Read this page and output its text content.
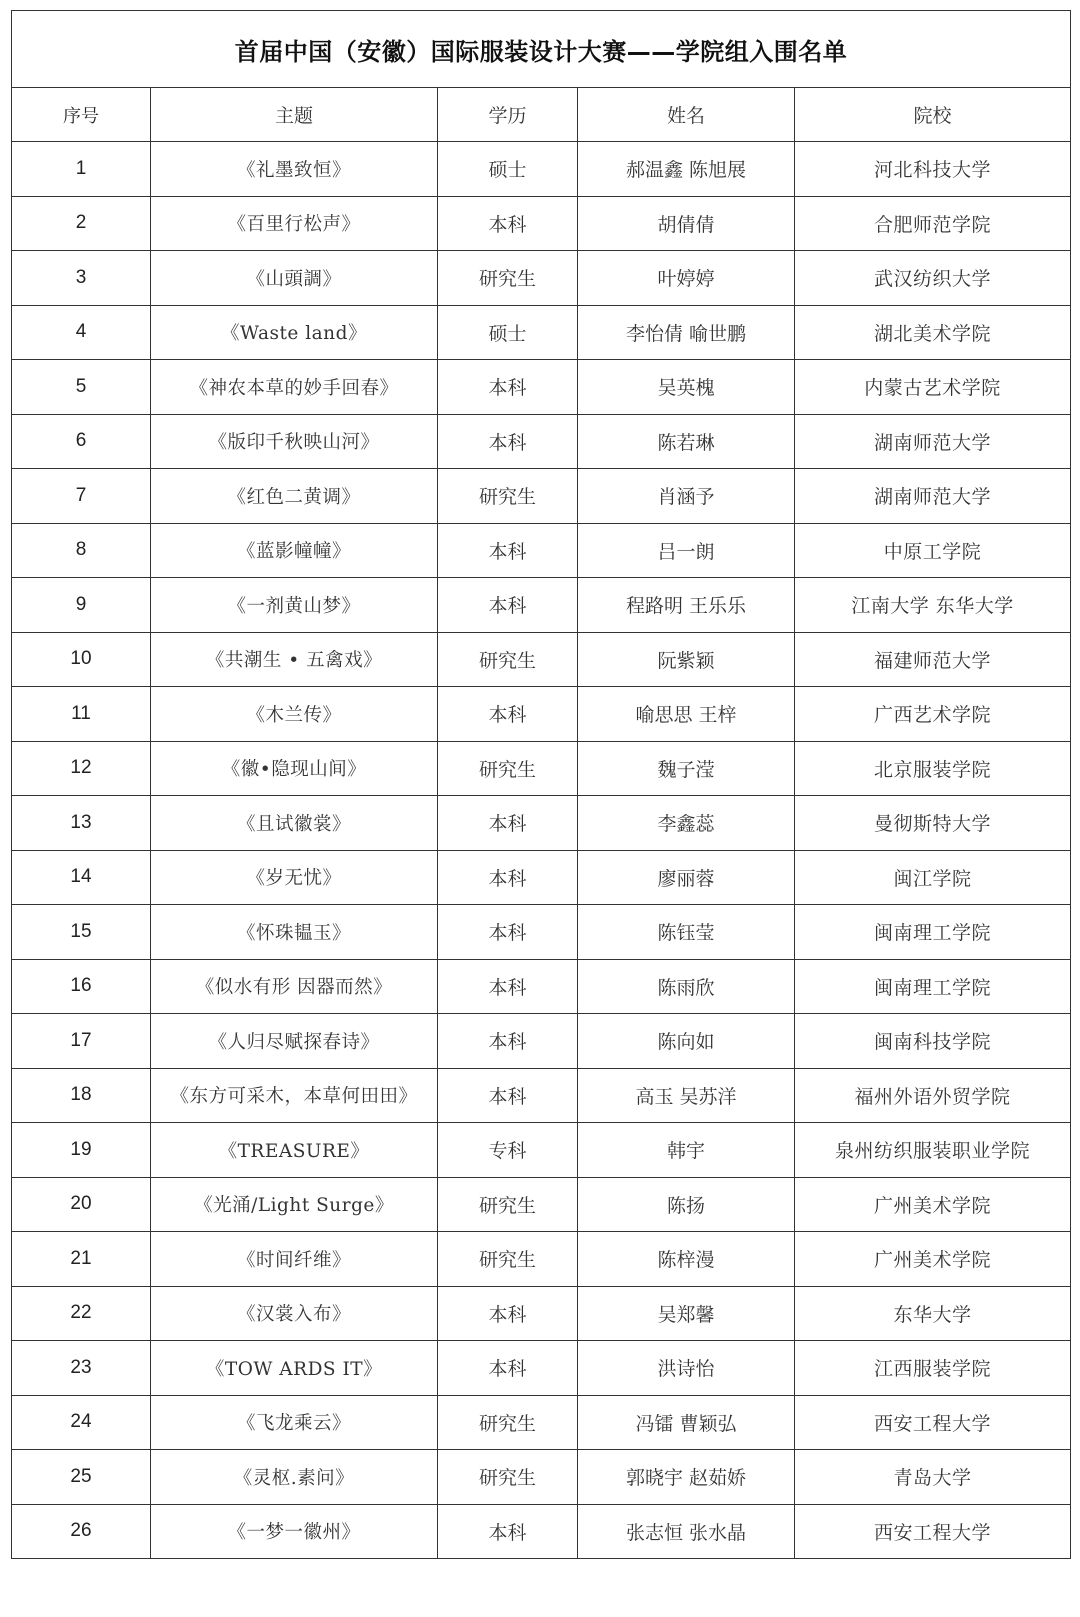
首届中国（安徽）国际服装设计大赛——学院组入围名单				
序号	主题	学历	姓名	院校
1	《礼墨致恒》	硕士	郝温鑫 陈旭展	河北科技大学
2	《百里行松声》	本科	胡倩倩	合肥师范学院
3	《山頭調》	研究生	叶婷婷	武汉纺织大学
4	《Waste land》	硕士	李怡倩 喻世鹏	湖北美术学院
5	《神农本草的妙手回春》	本科	吴英槐	内蒙古艺术学院
6	《版印千秋映山河》	本科	陈若琳	湖南师范大学
7	《红色二黄调》	研究生	肖涵予	湖南师范大学
8	《蓝影幢幢》	本科	吕一朗	中原工学院
9	《一剂黄山梦》	本科	程路明 王乐乐	江南大学 东华大学
10	《共潮生 • 五禽戏》	研究生	阮紫颖	福建师范大学
11	《木兰传》	本科	喻思思 王梓	广西艺术学院
12	《徽•隐现山间》	研究生	魏子滢	北京服装学院
13	《且试徽裳》	本科	李鑫蕊	曼彻斯特大学
14	《岁无忧》	本科	廖丽蓉	闽江学院
15	《怀珠韫玉》	本科	陈钰莹	闽南理工学院
16	《似水有形 因器而然》	本科	陈雨欣	闽南理工学院
17	《人归尽赋探春诗》	本科	陈向如	闽南科技学院
18	《东方可采木，本草何田田》	本科	高玉 吴苏洋	福州外语外贸学院
19	《TREASURE》	专科	韩宇	泉州纺织服装职业学院
20	《光涌/Light Surge》	研究生	陈扬	广州美术学院
21	《时间纤维》	研究生	陈梓漫	广州美术学院
22	《汉裳入布》	本科	吴郑馨	东华大学
23	《TOW ARDS IT》	本科	洪诗怡	江西服装学院
24	《飞龙乘云》	研究生	冯镭 曹颖弘	西安工程大学
25	《灵枢.素问》	研究生	郭晓宇 赵茹娇	青岛大学
26	《一梦一徽州》	本科	张志恒 张水晶	西安工程大学
